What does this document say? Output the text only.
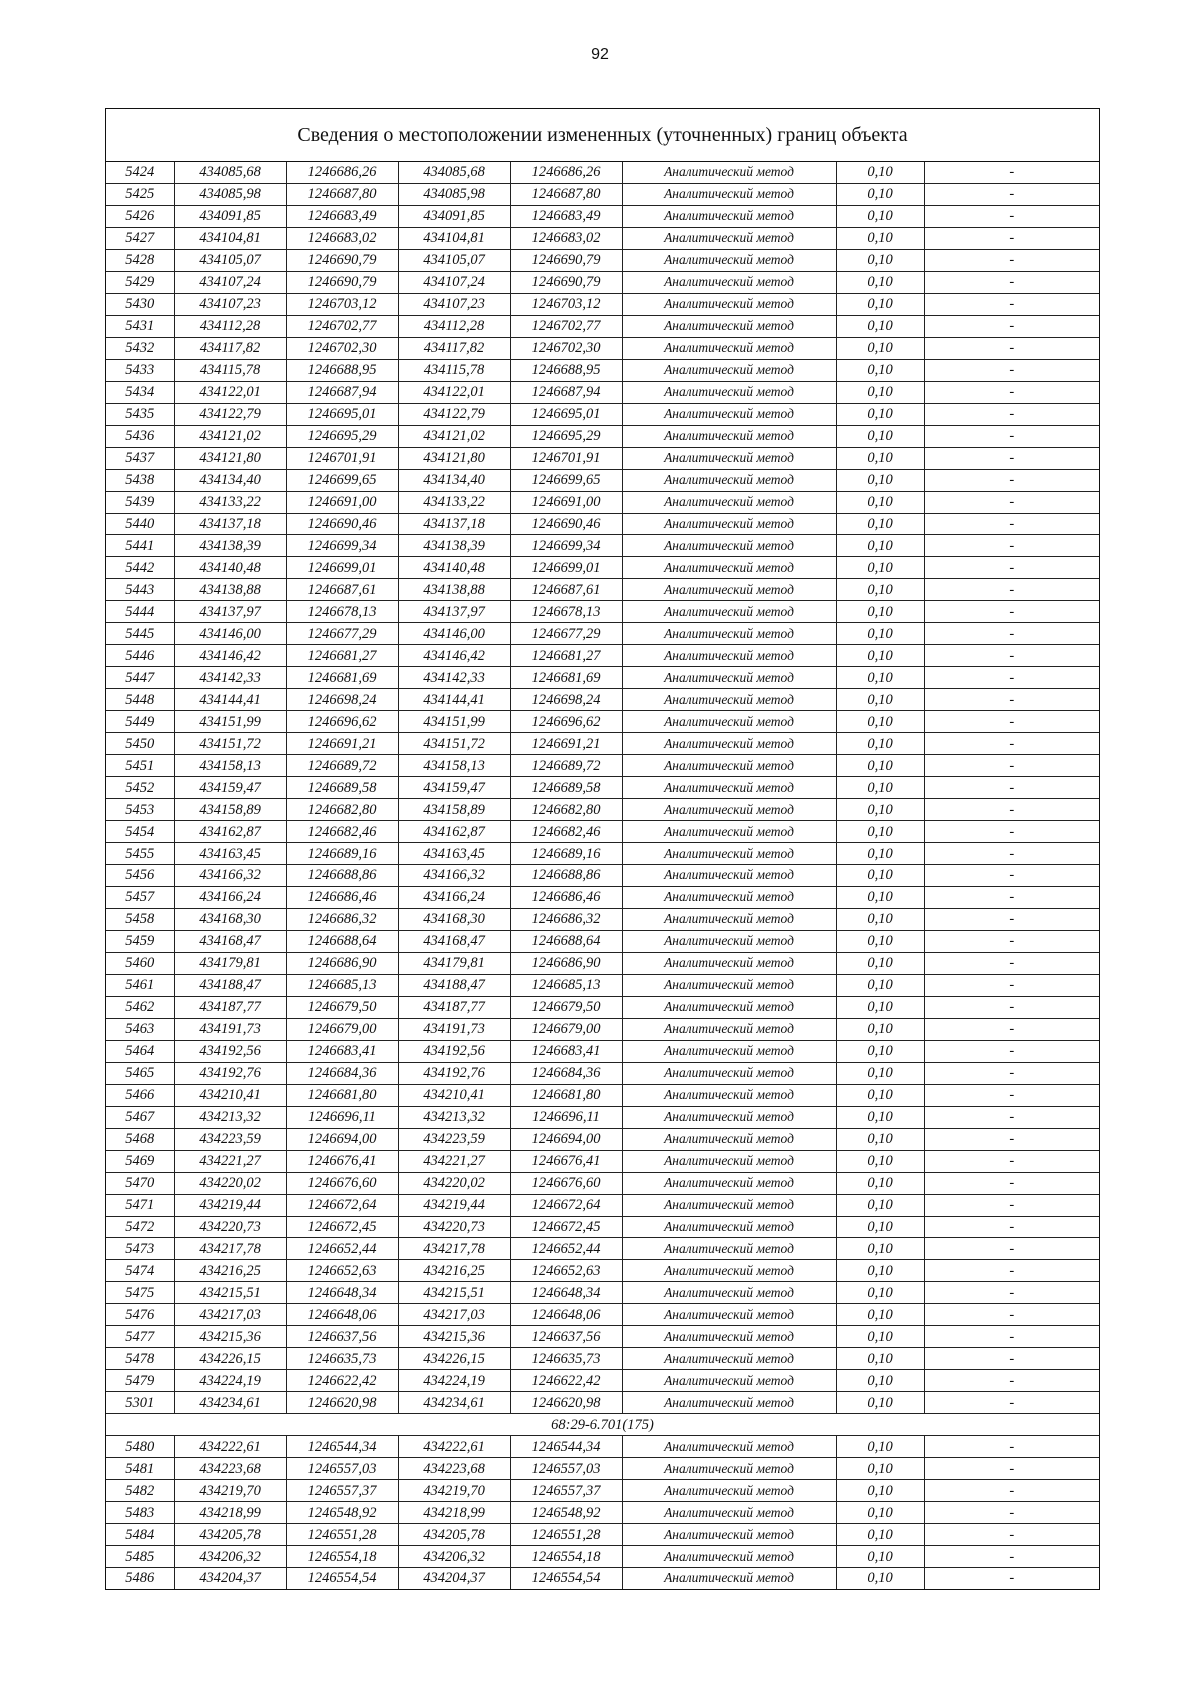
92
Сведения о местоположении измененных (уточненных) границ объекта
5424	434085,68	1246686,26	434085,68	1246686,26	Аналитический метод	0,10	-
5425	434085,98	1246687,80	434085,98	1246687,80	Аналитический метод	0,10	-
5426	434091,85	1246683,49	434091,85	1246683,49	Аналитический метод	0,10	-
5427	434104,81	1246683,02	434104,81	1246683,02	Аналитический метод	0,10	-
5428	434105,07	1246690,79	434105,07	1246690,79	Аналитический метод	0,10	-
5429	434107,24	1246690,79	434107,24	1246690,79	Аналитический метод	0,10	-
5430	434107,23	1246703,12	434107,23	1246703,12	Аналитический метод	0,10	-
5431	434112,28	1246702,77	434112,28	1246702,77	Аналитический метод	0,10	-
5432	434117,82	1246702,30	434117,82	1246702,30	Аналитический метод	0,10	-
5433	434115,78	1246688,95	434115,78	1246688,95	Аналитический метод	0,10	-
5434	434122,01	1246687,94	434122,01	1246687,94	Аналитический метод	0,10	-
5435	434122,79	1246695,01	434122,79	1246695,01	Аналитический метод	0,10	-
5436	434121,02	1246695,29	434121,02	1246695,29	Аналитический метод	0,10	-
5437	434121,80	1246701,91	434121,80	1246701,91	Аналитический метод	0,10	-
5438	434134,40	1246699,65	434134,40	1246699,65	Аналитический метод	0,10	-
5439	434133,22	1246691,00	434133,22	1246691,00	Аналитический метод	0,10	-
5440	434137,18	1246690,46	434137,18	1246690,46	Аналитический метод	0,10	-
5441	434138,39	1246699,34	434138,39	1246699,34	Аналитический метод	0,10	-
5442	434140,48	1246699,01	434140,48	1246699,01	Аналитический метод	0,10	-
5443	434138,88	1246687,61	434138,88	1246687,61	Аналитический метод	0,10	-
5444	434137,97	1246678,13	434137,97	1246678,13	Аналитический метод	0,10	-
5445	434146,00	1246677,29	434146,00	1246677,29	Аналитический метод	0,10	-
5446	434146,42	1246681,27	434146,42	1246681,27	Аналитический метод	0,10	-
5447	434142,33	1246681,69	434142,33	1246681,69	Аналитический метод	0,10	-
5448	434144,41	1246698,24	434144,41	1246698,24	Аналитический метод	0,10	-
5449	434151,99	1246696,62	434151,99	1246696,62	Аналитический метод	0,10	-
5450	434151,72	1246691,21	434151,72	1246691,21	Аналитический метод	0,10	-
5451	434158,13	1246689,72	434158,13	1246689,72	Аналитический метод	0,10	-
5452	434159,47	1246689,58	434159,47	1246689,58	Аналитический метод	0,10	-
5453	434158,89	1246682,80	434158,89	1246682,80	Аналитический метод	0,10	-
5454	434162,87	1246682,46	434162,87	1246682,46	Аналитический метод	0,10	-
5455	434163,45	1246689,16	434163,45	1246689,16	Аналитический метод	0,10	-
5456	434166,32	1246688,86	434166,32	1246688,86	Аналитический метод	0,10	-
5457	434166,24	1246686,46	434166,24	1246686,46	Аналитический метод	0,10	-
5458	434168,30	1246686,32	434168,30	1246686,32	Аналитический метод	0,10	-
5459	434168,47	1246688,64	434168,47	1246688,64	Аналитический метод	0,10	-
5460	434179,81	1246686,90	434179,81	1246686,90	Аналитический метод	0,10	-
5461	434188,47	1246685,13	434188,47	1246685,13	Аналитический метод	0,10	-
5462	434187,77	1246679,50	434187,77	1246679,50	Аналитический метод	0,10	-
5463	434191,73	1246679,00	434191,73	1246679,00	Аналитический метод	0,10	-
5464	434192,56	1246683,41	434192,56	1246683,41	Аналитический метод	0,10	-
5465	434192,76	1246684,36	434192,76	1246684,36	Аналитический метод	0,10	-
5466	434210,41	1246681,80	434210,41	1246681,80	Аналитический метод	0,10	-
5467	434213,32	1246696,11	434213,32	1246696,11	Аналитический метод	0,10	-
5468	434223,59	1246694,00	434223,59	1246694,00	Аналитический метод	0,10	-
5469	434221,27	1246676,41	434221,27	1246676,41	Аналитический метод	0,10	-
5470	434220,02	1246676,60	434220,02	1246676,60	Аналитический метод	0,10	-
5471	434219,44	1246672,64	434219,44	1246672,64	Аналитический метод	0,10	-
5472	434220,73	1246672,45	434220,73	1246672,45	Аналитический метод	0,10	-
5473	434217,78	1246652,44	434217,78	1246652,44	Аналитический метод	0,10	-
5474	434216,25	1246652,63	434216,25	1246652,63	Аналитический метод	0,10	-
5475	434215,51	1246648,34	434215,51	1246648,34	Аналитический метод	0,10	-
5476	434217,03	1246648,06	434217,03	1246648,06	Аналитический метод	0,10	-
5477	434215,36	1246637,56	434215,36	1246637,56	Аналитический метод	0,10	-
5478	434226,15	1246635,73	434226,15	1246635,73	Аналитический метод	0,10	-
5479	434224,19	1246622,42	434224,19	1246622,42	Аналитический метод	0,10	-
5301	434234,61	1246620,98	434234,61	1246620,98	Аналитический метод	0,10	-
68:29-6.701(175)							
5480	434222,61	1246544,34	434222,61	1246544,34	Аналитический метод	0,10	-
5481	434223,68	1246557,03	434223,68	1246557,03	Аналитический метод	0,10	-
5482	434219,70	1246557,37	434219,70	1246557,37	Аналитический метод	0,10	-
5483	434218,99	1246548,92	434218,99	1246548,92	Аналитический метод	0,10	-
5484	434205,78	1246551,28	434205,78	1246551,28	Аналитический метод	0,10	-
5485	434206,32	1246554,18	434206,32	1246554,18	Аналитический метод	0,10	-
5486	434204,37	1246554,54	434204,37	1246554,54	Аналитический метод	0,10	-
